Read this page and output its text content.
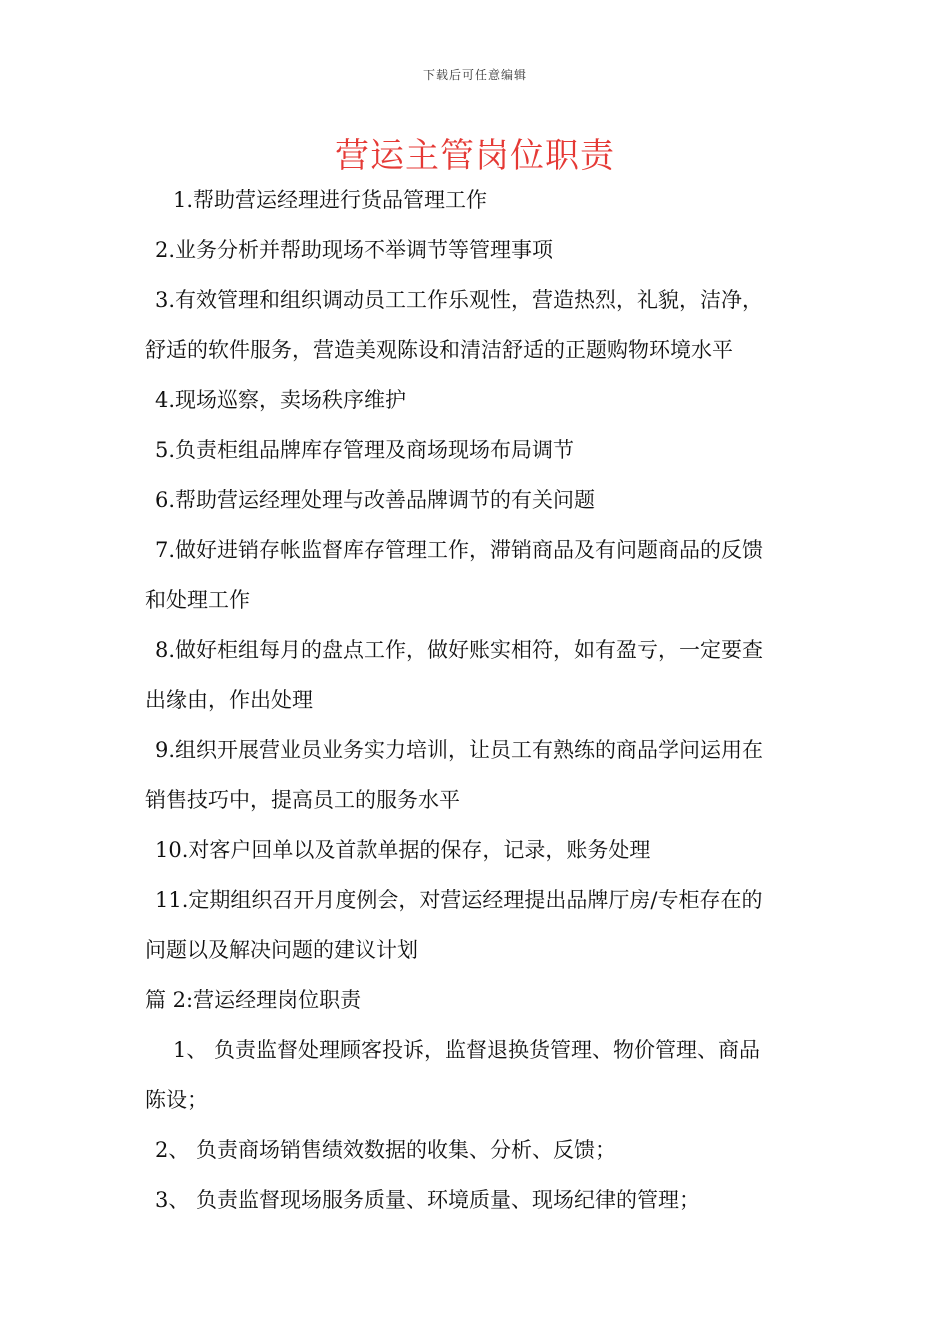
下载后可任意编辑
营运主管岗位职责
1.帮助营运经理进行货品管理工作
2.业务分析并帮助现场不举调节等管理事项
3.有效管理和组织调动员工工作乐观性，营造热烈，礼貌，洁净，
舒适的软件服务，营造美观陈设和清洁舒适的正题购物环境水平
4.现场巡察，卖场秩序维护
5.负责柜组品牌库存管理及商场现场布局调节
6.帮助营运经理处理与改善品牌调节的有关问题
7.做好进销存帐监督库存管理工作，滞销商品及有问题商品的反馈
和处理工作
8.做好柜组每月的盘点工作，做好账实相符，如有盈亏，一定要查
出缘由，作出处理
9.组织开展营业员业务实力培训，让员工有熟练的商品学问运用在
销售技巧中，提高员工的服务水平
10.对客户回单以及首款单据的保存，记录，账务处理
11.定期组织召开月度例会，对营运经理提出品牌厅房/专柜存在的
问题以及解决问题的建议计划
篇 2:营运经理岗位职责
1、 负责监督处理顾客投诉，监督退换货管理、物价管理、商品
陈设；
2、 负责商场销售绩效数据的收集、分析、反馈；
3、 负责监督现场服务质量、环境质量、现场纪律的管理；
